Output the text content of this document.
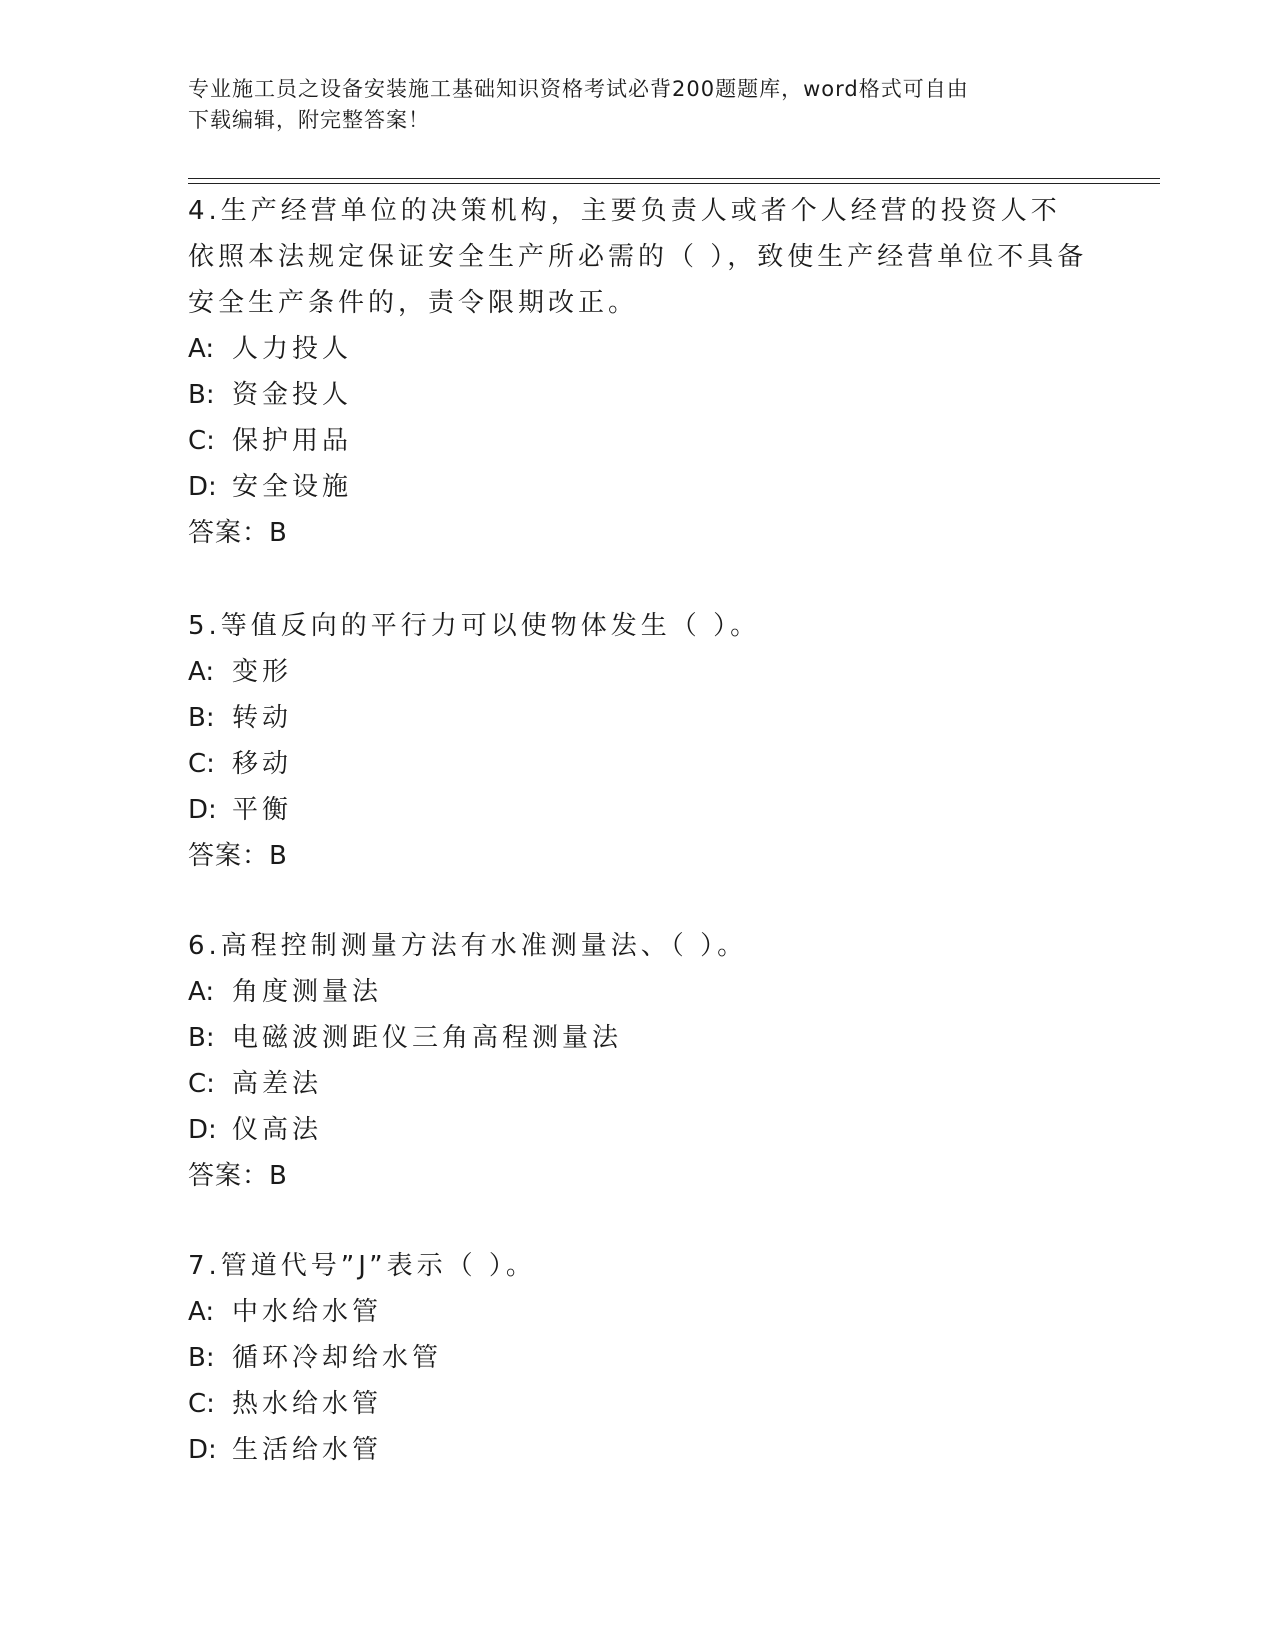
专业施工员之设备安装施工基础知识资格考试必背200题题库，word格式可自由
下载编辑，附完整答案！

4.生产经营单位的决策机构，主要负责人或者个人经营的投资人不依照本法规定保证安全生产所必需的（ ），致使生产经营单位不具备安全生产条件的，责令限期改正。

A: 人力投人

B: 资金投人

C: 保护用品

D: 安全设施

答案：B

5.等值反向的平行力可以使物体发生（ ）。

A: 变形

B: 转动

C: 移动

D: 平衡

答案：B

6.高程控制测量方法有水准测量法、（ ）。

A: 角度测量法

B: 电磁波测距仪三角高程测量法

C: 高差法

D: 仪高法

答案：B

7.管道代号”J”表示（ ）。

A: 中水给水管

B: 循环冷却给水管

C: 热水给水管

D: 生活给水管
